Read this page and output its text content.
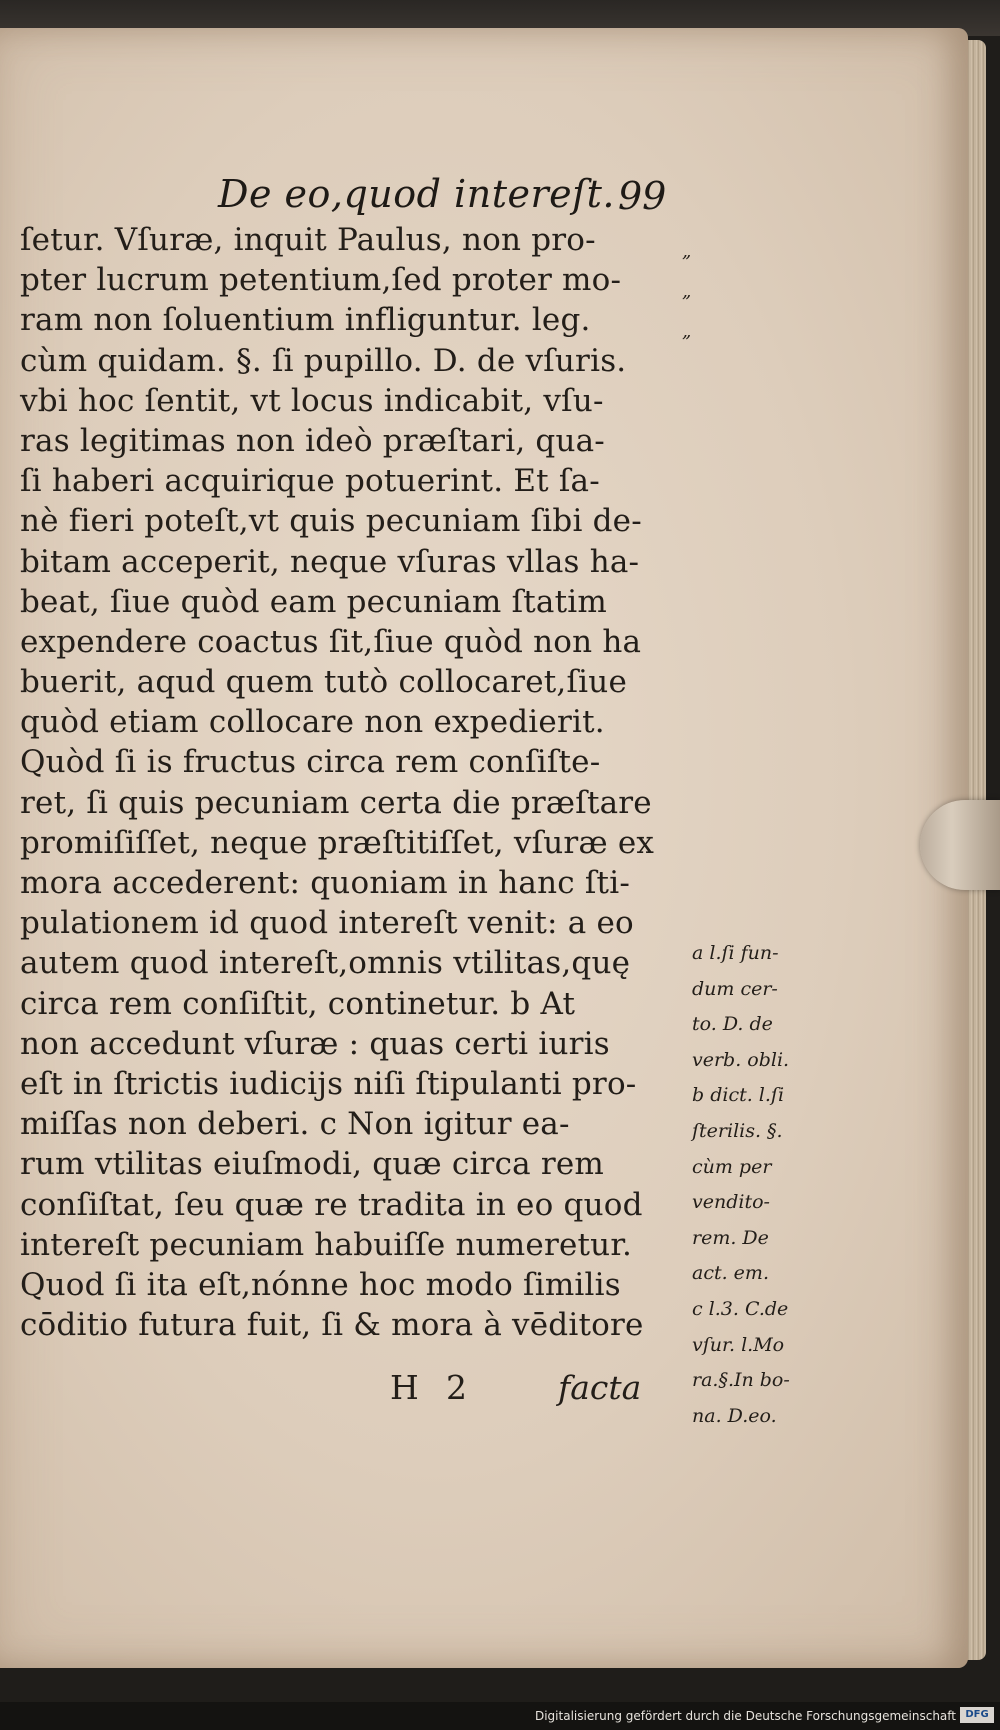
De eo,quod intereſt. 99
ſetur. Vſuræ, inquit Paulus, non pro-
pter lucrum petentium,ſed proter mo-
ram non ſoluentium infliguntur. leg.
cùm quidam. §. ſi pupillo. D. de vſuris.
vbi hoc ſentit, vt locus indicabit, vſu-
ras legitimas non ideò præſtari, qua-
ſi haberi acquirique potuerint. Et ſa-
nè fieri poteſt,vt quis pecuniam ſibi de-
bitam acceperit, neque vſuras vllas ha-
beat, ſiue quòd eam pecuniam ſtatim
expendere coactus ſit,ſiue quòd non ha
buerit, aqud quem tutò collocaret,ſiue
quòd etiam collocare non expedierit.
Quòd ſi is fructus circa rem conſiſte-
ret, ſi quis pecuniam certa die præſtare
promiſiſſet, neque præſtitiſſet, vſuræ ex
mora accederent: quoniam in hanc ſti-
pulationem id quod intereſt venit: a eo
autem quod intereſt,omnis vtilitas,quę
circa rem conſiſtit, continetur. b At
non accedunt vſuræ : quas certi iuris
eſt in ſtrictis iudicijs niſi ſtipulanti pro-
miſſas non deberi. c Non igitur ea-
rum vtilitas eiuſmodi, quæ circa rem
conſiſtat, ſeu quæ re tradita in eo quod
intereſt pecuniam habuiſſe numeretur.
Quod ſi ita eſt,nónne hoc modo ſimilis
cōditio futura fuit, ſi & mora à vēditore
„
„
„
a l.ſi fun-
dum cer-
to. D. de
verb. obli.
b dict. l.ſi
ſterilis. §.
cùm per
vendito-
rem. De
act. em.
c l.3. C.de
vſur. l.Mo
ra.§.In bo-
na. D.eo.
H 2	facta
Digitalisierung gefördert durch die Deutsche Forschungsgemeinschaft DFG
